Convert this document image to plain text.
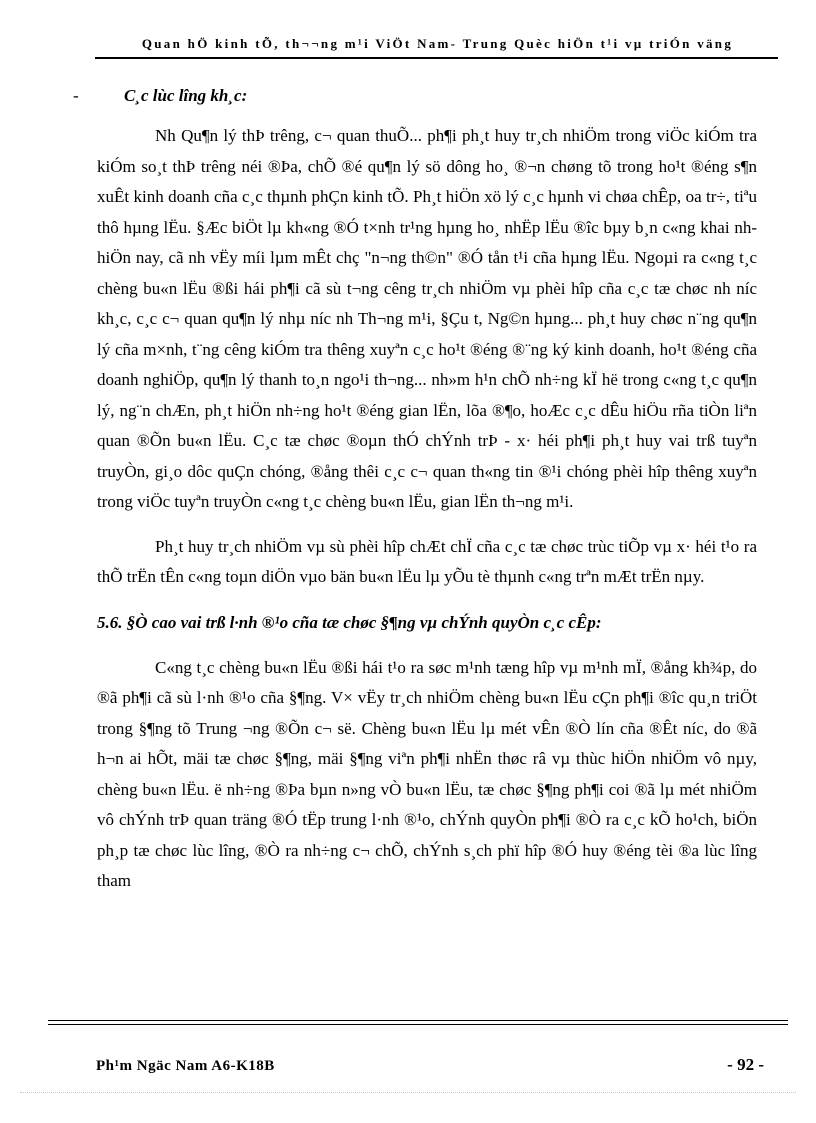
Quan hÖ kinh tÕ, th¬¬ng m¹i ViÖt Nam- Trung Quèc hiÖn t¹i vµ triÓn väng
-	C¸c lùc lîng kh¸c:

Nh Qu¶n lý thÞ trêng, c¬ quan thuÕ... ph¶i ph¸t huy tr¸ch nhiÖm trong viÖc kiÓm tra kiÓm so¸t thÞ trêng néi ®Þa, chÕ ®é qu¶n lý sö dông ho¸ ®¬n chøng tõ trong ho¹t ®éng s¶n xuÊt kinh doanh cña c¸c thµnh phÇn kinh tÕ. Ph¸t hiÖn xö lý c¸c hµnh vi chøa chÊp, oa tr÷, tiªu thô hµng lËu. §Æc biÖt lµ kh«ng ®Ó t×nh tr¹ng hµng ho¸ nhËp lËu ®îc bµy b¸n c«ng khai nh hiÖn nay, cã nh vËy míi lµm mÊt chç "n¬ng th©n" ®Ó tån t¹i cña hµng lËu. Ngoµi ra c«ng t¸c chèng bu«n lËu ®ßi hái ph¶i cã sù t¬ng cêng tr¸ch nhiÖm vµ phèi hîp cña c¸c tæ chøc nh níc kh¸c, c¸c c¬ quan qu¶n lý nhµ níc nh Th¬ng m¹i, §Çu t, Ng©n hµng... ph¸t huy chøc n¨ng qu¶n lý cña m×nh, t¨ng cêng kiÓm tra thêng xuyªn c¸c ho¹t ®éng ®¨ng ký kinh doanh, ho¹t ®éng cña doanh nghiÖp, qu¶n lý thanh to¸n ngo¹i th¬ng... nh»m h¹n chÕ nh÷ng kÏ hë trong c«ng t¸c qu¶n lý, ng¨n chÆn, ph¸t hiÖn nh÷ng ho¹t ®éng gian lËn, lõa ®¶o, hoÆc c¸c dÊu hiÖu rña tiÒn liªn quan ®Õn bu«n lËu. C¸c tæ chøc ®oµn thÓ chÝnh trÞ - x· héi ph¶i ph¸t huy vai trß tuyªn truyÒn, gi¸o dôc quÇn chóng, ®ång thêi c¸c c¬ quan th«ng tin ®¹i chóng phèi hîp thêng xuyªn trong viÖc tuyªn truyÒn c«ng t¸c chèng bu«n lËu, gian lËn th¬ng m¹i.

Ph¸t huy tr¸ch nhiÖm vµ sù phèi hîp chÆt chÏ cña c¸c tæ chøc trùc tiÕp vµ x· héi t¹o ra thÕ trËn tÊn c«ng toµn diÖn vµo bän bu«n lËu lµ yÕu tè thµnh c«ng trªn mÆt trËn nµy.

5.6. §Ò cao vai trß l·nh ®¹o cña tæ chøc §¶ng vµ chÝnh quyÒn c¸c cÊp:

C«ng t¸c chèng bu«n lËu ®ßi hái t¹o ra søc m¹nh tæng hîp vµ m¹nh mÏ, ®ång kh¾p, do ®ã ph¶i cã sù l·nh ®¹o cña §¶ng. V× vËy tr¸ch nhiÖm chèng bu«n lËu cÇn ph¶i ®îc qu¸n triÖt trong §¶ng tõ Trung ¬ng ®Õn c¬ së. Chèng bu«n lËu lµ mét vÊn ®Ò lín cña ®Êt níc, do ®ã h¬n ai hÕt, mäi tæ chøc §¶ng, mäi §¶ng viªn ph¶i nhËn thøc râ vµ thùc hiÖn nhiÖm vô nµy, chèng bu«n lËu. ë nh÷ng ®Þa bµn n»ng vÒ bu«n lËu, tæ chøc §¶ng ph¶i coi ®ã lµ mét nhiÖm vô chÝnh trÞ quan träng ®Ó tËp trung l·nh ®¹o, chÝnh quyÒn ph¶i ®Ò ra c¸c kÕ ho¹ch, biÖn ph¸p tæ chøc lùc lîng, ®Ò ra nh÷ng c¬ chÕ, chÝnh s¸ch phï hîp ®Ó huy ®éng tèi ®a lùc lîng tham

Ph¹m Ngäc Nam A6-K18B	- 92 -
